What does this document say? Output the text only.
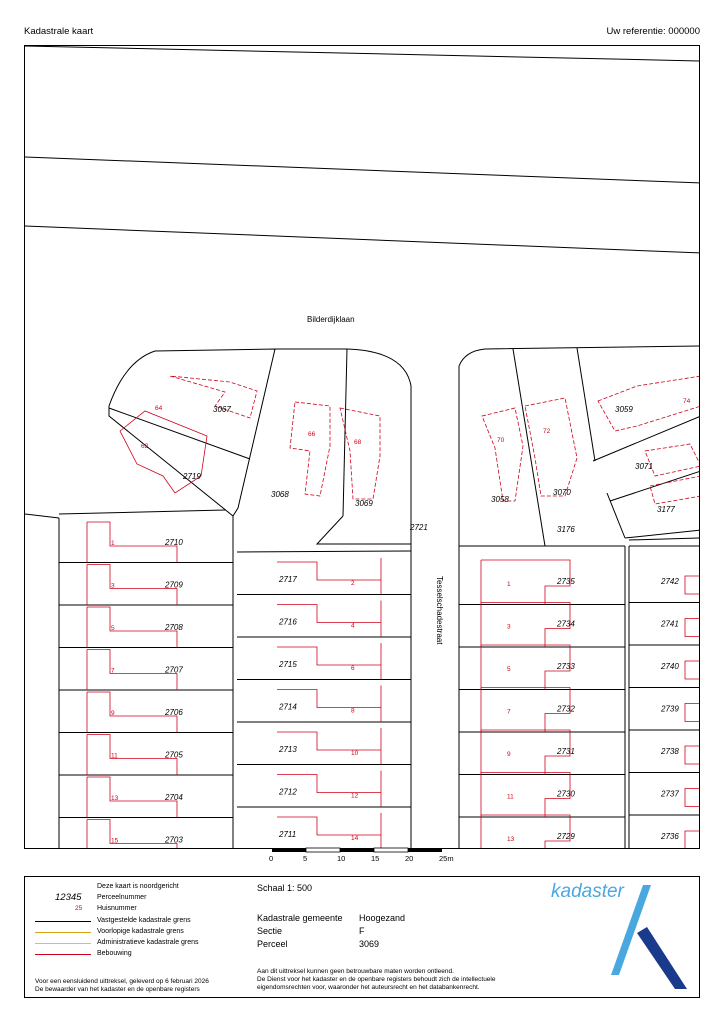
Kadastrale kaart	Uw referentie: 000000
Bilderdijklaan
Tesselschadestraat
2721
3067
2719
3068
3069	3058
3070
3176
3059
3071
3177
64
62
66
68	70
72
74
1	2710
3	2709
5	2708
7	2707
9	2706
11	2705
13	2704
15	2703
2717	2
2716	4
2715	6
2714	8
2713	10
2712	12
2711	14
1	2735
3	2734
5	2733
7	2732
9	2731
11	2730
13	2729
2742
2741
2740
2739
2738
2737
2736
0	5	10	15	20	25m
Deze kaart is noordgericht
12345 Perceelnummer
25 Huisnummer
Vastgestelde kadastrale grens
Voorlopige kadastrale grens
Administratieve kadastrale grens
Bebouwing
Voor een eensluidend uittreksel, geleverd op 6 februari 2026
De bewaarder van het kadaster en de openbare registers
Schaal 1: 500
Kadastrale gemeente Hoogezand
Sectie	F
Perceel	3069
Aan dit uittreksel kunnen geen betrouwbare maten worden ontleend.
De Dienst voor het kadaster en de openbare registers behoudt zich de intellectuele
eigendomsrechten voor, waaronder het auteursrecht en het databankenrecht.
kadaster
